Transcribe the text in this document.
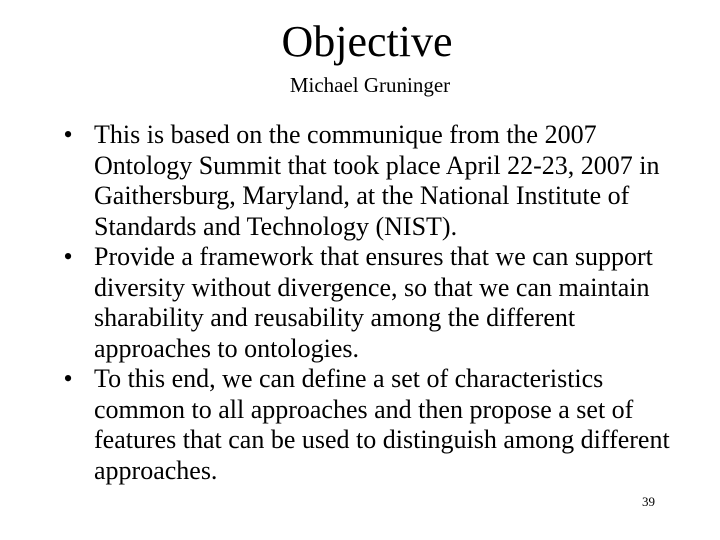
Objective
Michael Gruninger
• This is based on the communique from the 2007 Ontology Summit that took place April 22-23, 2007 in Gaithersburg, Maryland, at the National Institute of Standards and Technology (NIST).
• Provide a framework that ensures that we can support diversity without divergence, so that we can maintain sharability and reusability among the different approaches to ontologies.
• To this end, we can define a set of characteristics common to all approaches and then propose a set of features that can be used to distinguish among different approaches.
39
